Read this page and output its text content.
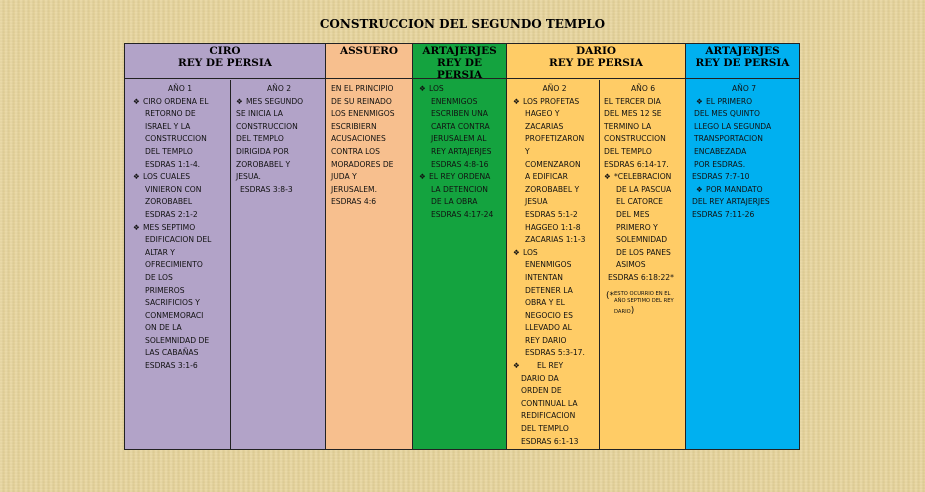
CONSTRUCCION DEL SEGUNDO TEMPLO
CIRO
REY DE PERSIA
AÑO 1
❖ CIRO ORDENA EL
RETORNO DE
ISRAEL Y LA
CONSTRUCCION
DEL TEMPLO
ESDRAS 1:1-4.
❖ LOS CUALES
VINIERON CON
ZOROBABEL
ESDRAS 2:1-2
❖ MES SEPTIMO
EDIFICACION DEL
ALTAR Y
OFRECIMIENTO
DE LOS
PRIMEROS
SACRIFICIOS Y
CONMEMORACI
ON DE LA
SOLEMNIDAD DE
LAS CABAÑAS
ESDRAS 3:1-6
AÑO 2
❖ MES SEGUNDO
SE INICIA LA
CONSTRUCCION
DEL TEMPLO
DIRIGIDA POR
ZOROBABEL Y
JESUA.
ESDRAS 3:8-3
ASSUERO
EN EL PRINCIPIO
DE SU REINADO
LOS ENENMIGOS
ESCRIBIERN
ACUSACIONES
CONTRA LOS
MORADORES DE
JUDA Y
JERUSALEM.
ESDRAS 4:6
ARTAJERJES
REY DE
PERSIA
❖ LOS
ENENMIGOS
ESCRIBEN UNA
CARTA CONTRA
JERUSALEM AL
REY ARTAJERJES
ESDRAS 4:8-16
❖ EL REY ORDENA
LA DETENCION
DE LA OBRA
ESDRAS 4:17-24
DARIO
REY DE PERSIA
AÑO 2
❖ LOS PROFETAS
HAGEO Y
ZACARIAS
PROFETIZARON
Y
COMENZARON
A EDIFICAR
ZOROBABEL Y
JESUA
ESDRAS 5:1-2
HAGGEO 1:1-8
ZACARIAS 1:1-3
❖ LOS
ENENMIGOS
INTENTAN
DETENER LA
OBRA Y EL
NEGOCIO ES
LLEVADO AL
REY DARIO
ESDRAS 5:3-17.
❖ EL REY
DARIO DA
ORDEN DE
CONTINUAL LA
REDIFICACION
DEL TEMPLO
ESDRAS 6:1-13
AÑO 6
EL TERCER DIA
DEL MES 12 SE
TERMINO LA
CONSTRUCCION
DEL TEMPLO
ESDRAS 6:14-17.
❖ *CELEBRACION
DE LA PASCUA
EL CATORCE
DEL MES
PRIMERO Y
SOLEMNIDAD
DE LOS PANES
ASIMOS
ESDRAS 6:18:22*
(* ESTO OCURRIO EN EL
AÑO SEPTIMO DEL REY
DARIO)
ARTAJERJES
REY DE PERSIA
AÑO 7
❖ EL PRIMERO
DEL MES QUINTO
LLEGO LA SEGUNDA
TRANSPORTACION
ENCABEZADA
POR ESDRAS.
ESDRAS 7:7-10
❖ POR MANDATO
DEL REY ARTAJERJES
ESDRAS 7:11-26
